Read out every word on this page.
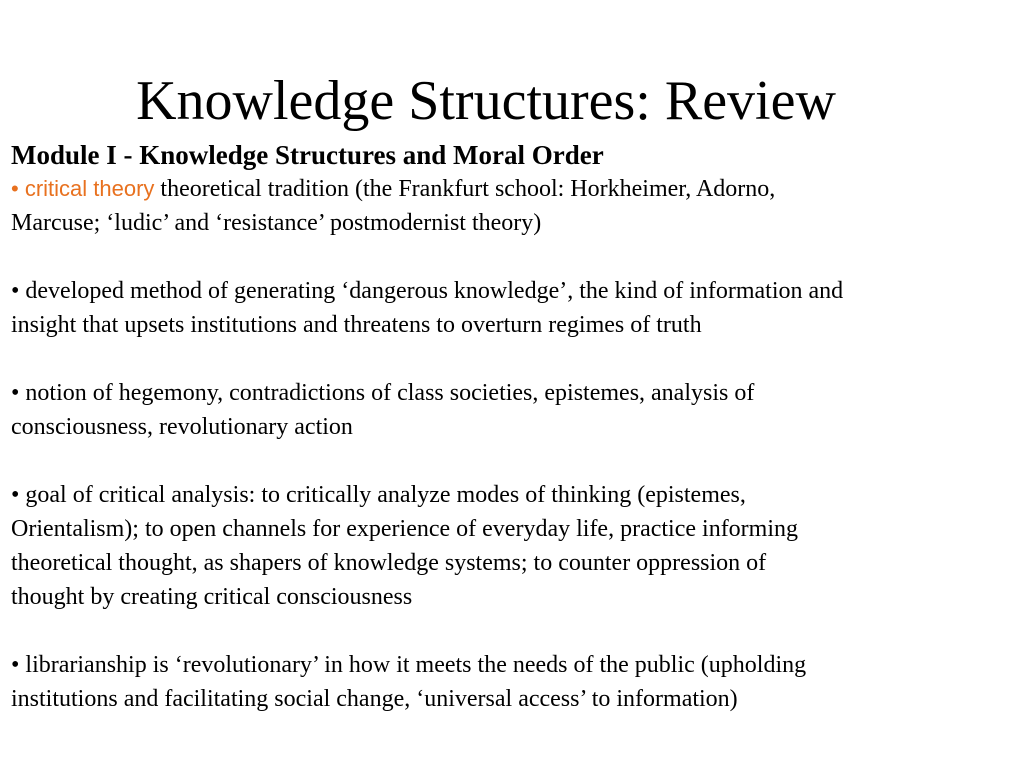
Knowledge Structures: Review

Module I - Knowledge Structures and Moral Order

• critical theory theoretical tradition (the Frankfurt school: Horkheimer, Adorno,
Marcuse; ‘ludic’ and ‘resistance’ postmodernist theory)

• developed method of generating ‘dangerous knowledge’, the kind of information and
insight that upsets institutions and threatens to overturn regimes of truth

• notion of hegemony, contradictions of class societies, epistemes, analysis of
consciousness, revolutionary action

• goal of critical analysis: to critically analyze modes of thinking (epistemes,
Orientalism); to open channels for experience of everyday life, practice informing
theoretical thought, as shapers of knowledge systems; to counter oppression of
thought by creating critical consciousness

• librarianship is ‘revolutionary’ in how it meets the needs of the public (upholding
institutions and facilitating social change, ‘universal access’ to information)
